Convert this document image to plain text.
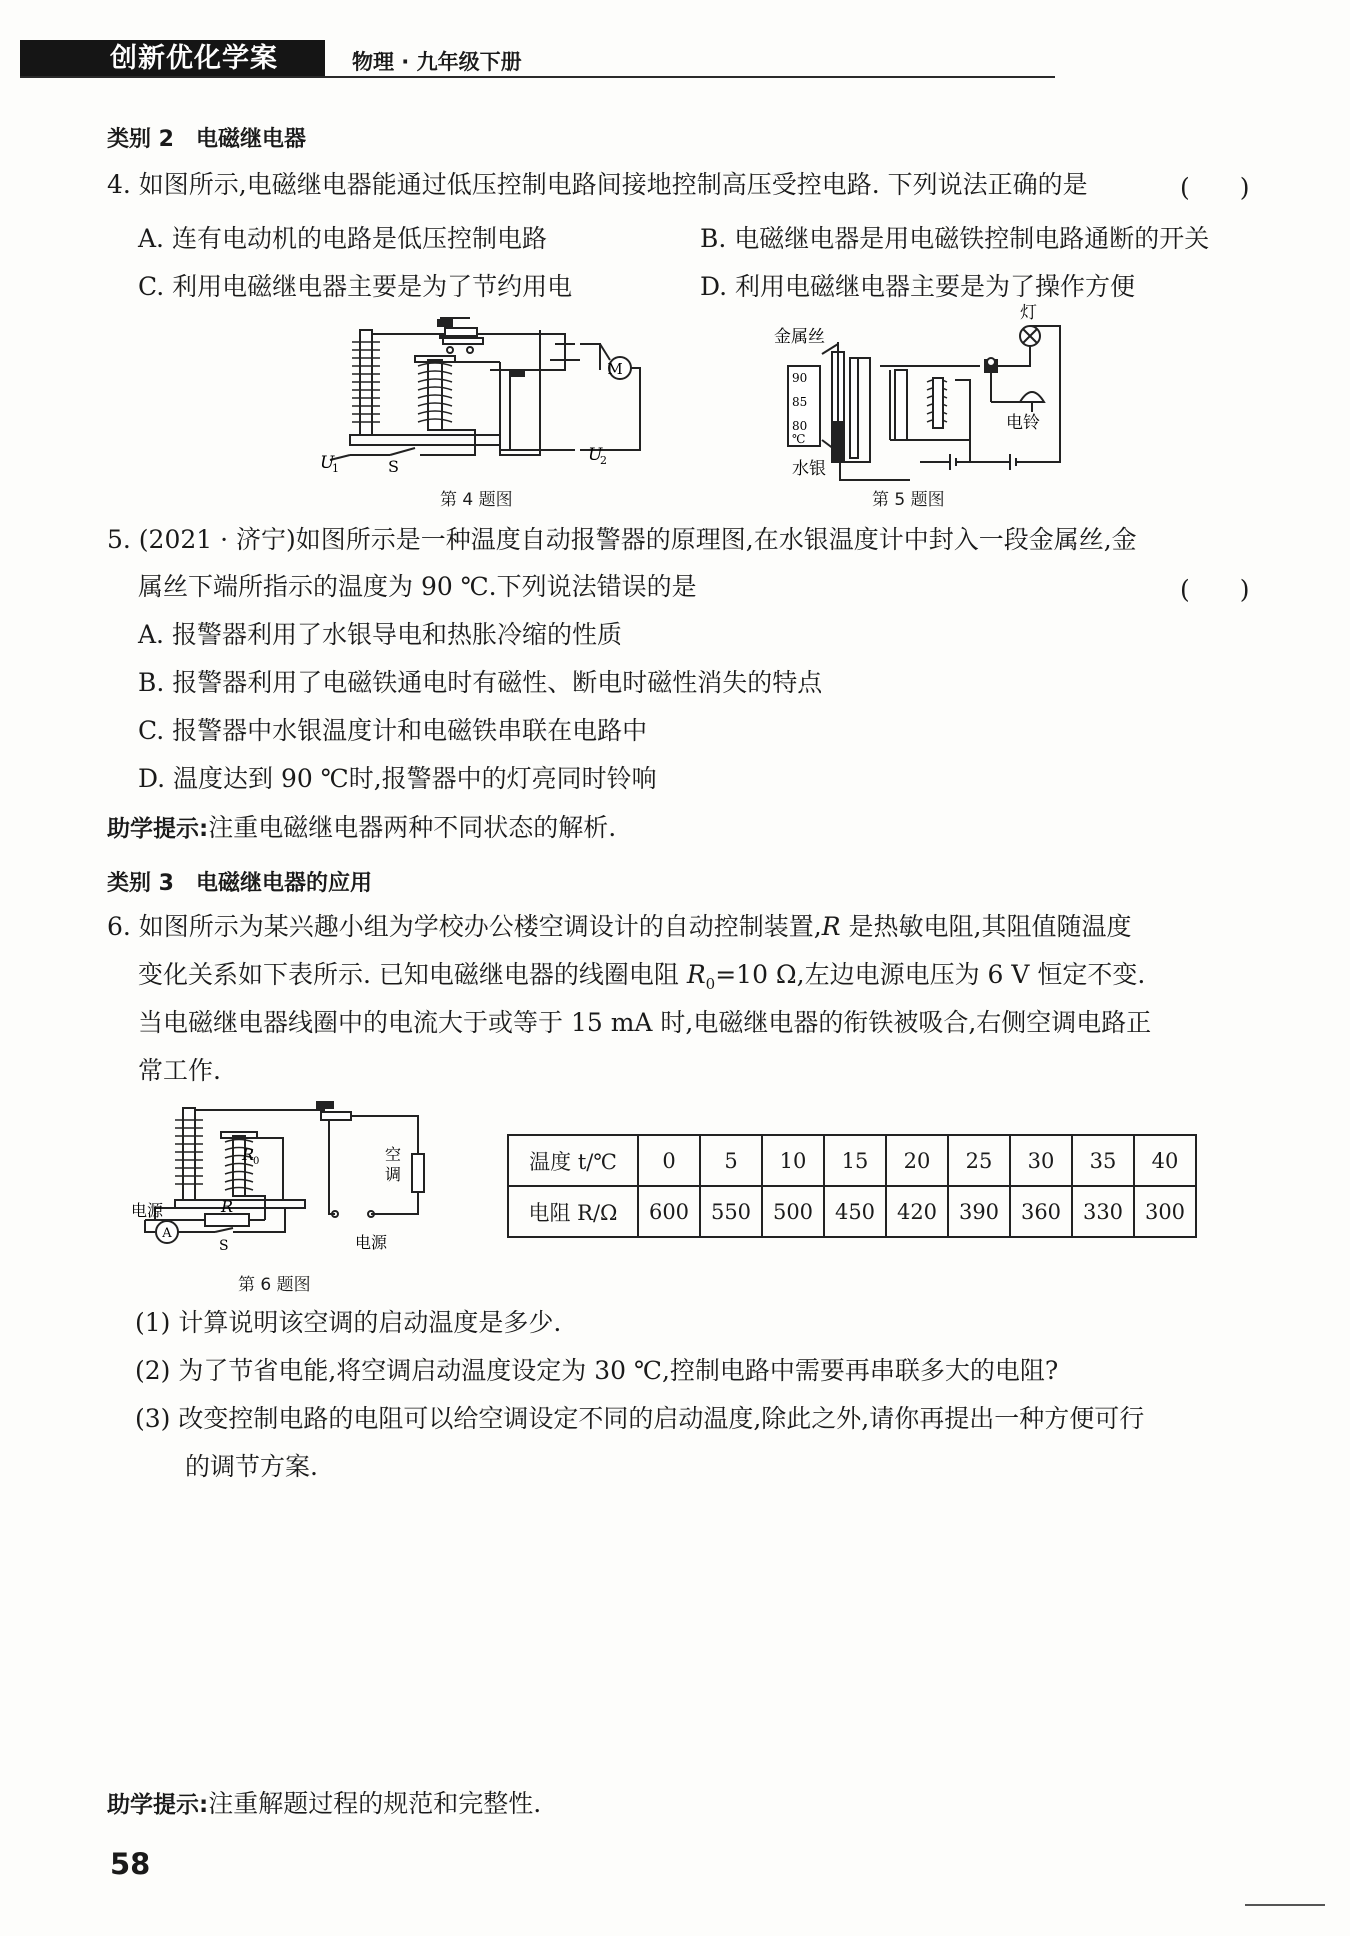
创新优化学案	物理 · 九年级下册
类别 2　电磁继电器
4. 如图所示,电磁继电器能通过低压控制电路间接地控制高压受控电路. 下列说法正确的是	(　　)
A. 连有电动机的电路是低压控制电路	B. 电磁继电器是用电磁铁控制电路通断的开关
C. 利用电磁继电器主要是为了节约用电	D. 利用电磁继电器主要是为了操作方便
M
U
1	S
U
2
第 4 题图
90
85
80
℃
金属丝
灯
电铃
水银
第 5 题图
5. (2021 · 济宁)如图所示是一种温度自动报警器的原理图,在水银温度计中封入一段金属丝,金
属丝下端所指示的温度为 90 ℃.下列说法错误的是	(　　)
A. 报警器利用了水银导电和热胀冷缩的性质
B. 报警器利用了电磁铁通电时有磁性、断电时磁性消失的特点
C. 报警器中水银温度计和电磁铁串联在电路中
D. 温度达到 90 ℃时,报警器中的灯亮同时铃响
助学提示:注重电磁继电器两种不同状态的解析.
类别 3　电磁继电器的应用
6. 如图所示为某兴趣小组为学校办公楼空调设计的自动控制装置,R 是热敏电阻,其阻值随温度
变化关系如下表所示. 已知电磁继电器的线圈电阻 $R_0=10$ Ω,左边电源电压为 6 V 恒定不变.
当电磁继电器线圈中的电流大于或等于 15 mA 时,电磁继电器的衔铁被吸合,右侧空调电路正
常工作.
R
0	空
调
电源
A
R
S	电源
第 6 题图
温度 t/℃	0	5	10	15	20	25	30	35	40
电阻 R/Ω	600	550	500	450	420	390	360	330	300
(1) 计算说明该空调的启动温度是多少.
(2) 为了节省电能,将空调启动温度设定为 30 ℃,控制电路中需要再串联多大的电阻?
(3) 改变控制电路的电阻可以给空调设定不同的启动温度,除此之外,请你再提出一种方便可行
的调节方案.
助学提示:注重解题过程的规范和完整性.
58
